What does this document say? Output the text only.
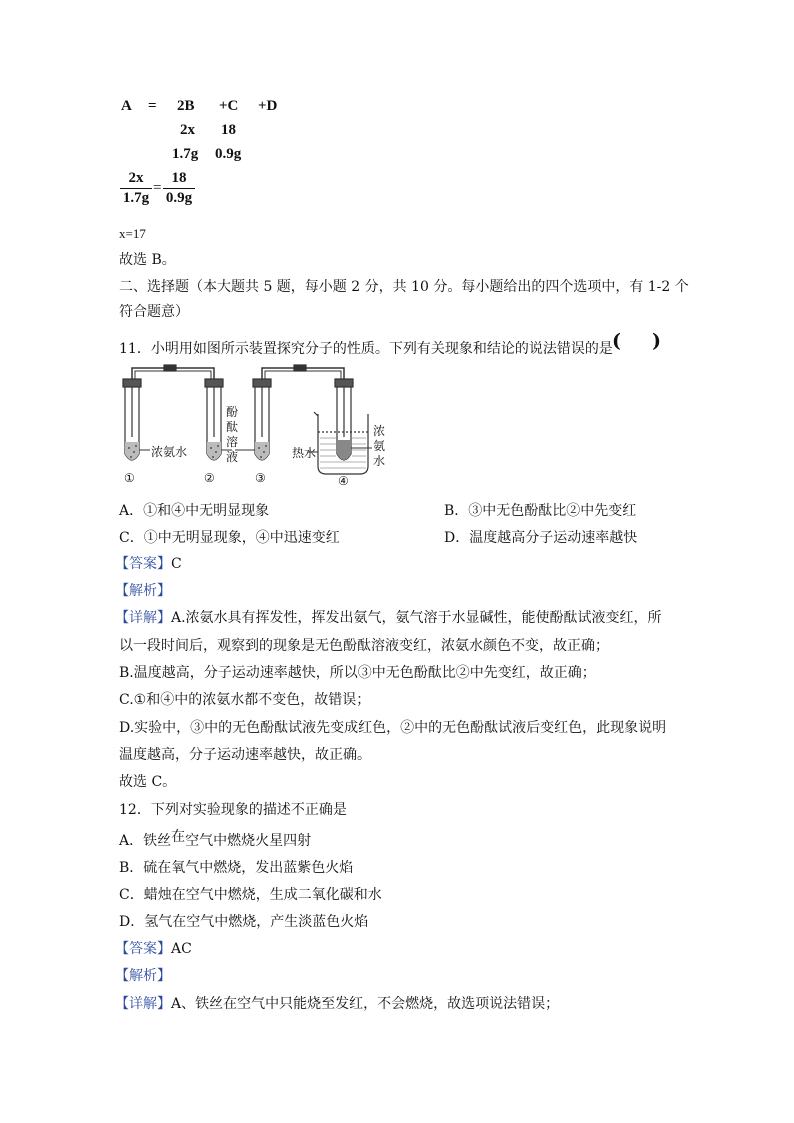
A = 2B +C +D
2x 18
1.7g 0.9g
2x
1.7g
=
18
0.9g
x=17
故选 B。
二、选择题（本大题共 5 题，每小题 2 分，共 10 分。每小题给出的四个选项中，有 1-2 个
符合题意）
11．小明用如图所示装置探究分子的性质。下列有关现象和结论的说法错误的是 ( )
浓氨水
酚
酞
溶
液	热水
浓
氨
水
①	②	③	④
A．①和④中无明显现象	B．③中无色酚酞比②中先变红
C．①中无明显现象，④中迅速变红	D．温度越高分子运动速率越快
【答案】C
【解析】
【详解】A.浓氨水具有挥发性，挥发出氨气，氨气溶于水显碱性，能使酚酞试液变红，所
以一段时间后，观察到的现象是无色酚酞溶液变红，浓氨水颜色不变，故正确；
B.温度越高，分子运动速率越快，所以③中无色酚酞比②中先变红，故正确；
C.①和④中的浓氨水都不变色，故错误；
D.实验中，③中的无色酚酞试液先变成红色，②中的无色酚酞试液后变红色，此现象说明
温度越高，分子运动速率越快，故正确。
故选 C。
12．下列对实验现象的描述不正确是
A．铁丝在空气中燃烧火星四射
B．硫在氧气中燃烧，发出蓝紫色火焰
C．蜡烛在空气中燃烧，生成二氧化碳和水
D．氢气在空气中燃烧，产生淡蓝色火焰
【答案】AC
【解析】
【详解】A、铁丝在空气中只能烧至发红，不会燃烧，故选项说法错误；
